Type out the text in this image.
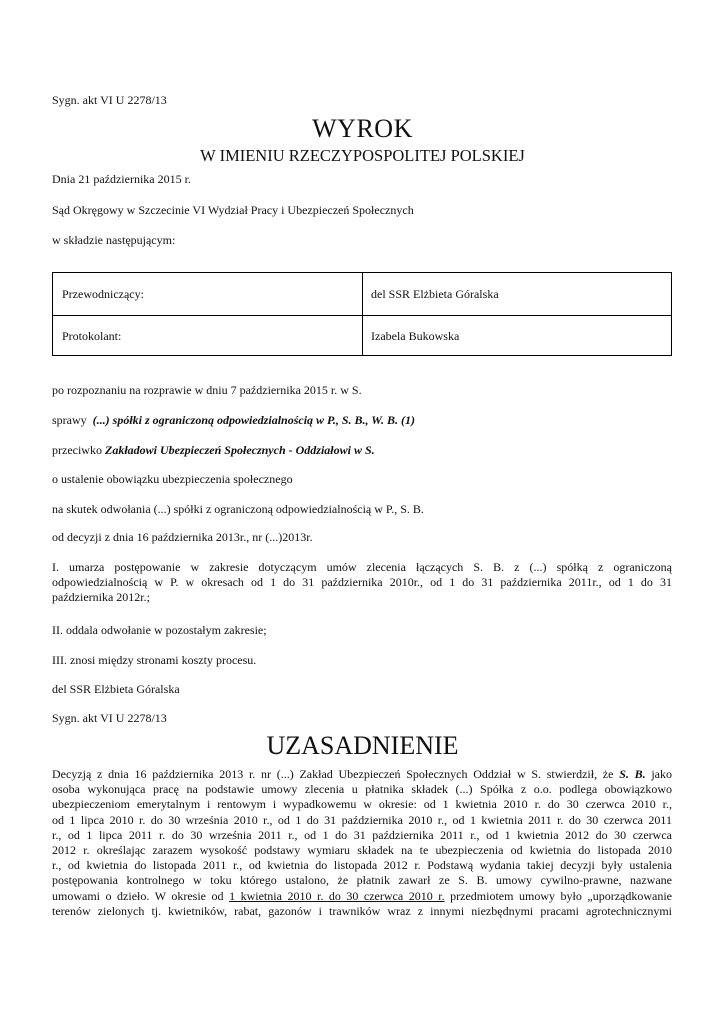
Sygn. akt VI U 2278/13
WYROK
W IMIENIU RZECZYPOSPOLITEJ POLSKIEJ
Dnia 21 października 2015 r.
Sąd Okręgowy w Szczecinie VI Wydział Pracy i Ubezpieczeń Społecznych
w składzie następującym:
Przewodniczący:	del SSR Elżbieta Góralska
Protokolant:	Izabela Bukowska
po rozpoznaniu na rozprawie w dniu 7 października 2015 r. w S.
sprawy (...) spółki z ograniczoną odpowiedzialnością w P., S. B., W. B. (1)
przeciwko Zakładowi Ubezpieczeń Społecznych - Oddziałowi w S.
o ustalenie obowiązku ubezpieczenia społecznego
na skutek odwołania (...) spółki z ograniczoną odpowiedzialnością w P., S. B.
od decyzji z dnia 16 października 2013r., nr (...)2013r.
I. umarza postępowanie w zakresie dotyczącym umów zlecenia łączących S. B. z (...) spółką z ograniczoną
odpowiedzialnością w P. w okresach od 1 do 31 października 2010r., od 1 do 31 października 2011r., od 1 do 31
października 2012r.;
II. oddala odwołanie w pozostałym zakresie;
III. znosi między stronami koszty procesu.
del SSR Elżbieta Góralska
Sygn. akt VI U 2278/13
UZASADNIENIE
Decyzją z dnia 16 października 2013 r. nr (...) Zakład Ubezpieczeń Społecznych Oddział w S. stwierdził, że S. B. jako
osoba wykonująca pracę na podstawie umowy zlecenia u płatnika składek (...) Spółka z o.o. podlega obowiązkowo
ubezpieczeniom emerytalnym i rentowym i wypadkowemu w okresie: od 1 kwietnia 2010 r. do 30 czerwca 2010 r.,
od 1 lipca 2010 r. do 30 września 2010 r., od 1 do 31 października 2010 r., od 1 kwietnia 2011 r. do 30 czerwca 2011
r., od 1 lipca 2011 r. do 30 września 2011 r., od 1 do 31 października 2011 r., od 1 kwietnia 2012 do 30 czerwca
2012 r. określając zarazem wysokość podstawy wymiaru składek na te ubezpieczenia od kwietnia do listopada 2010
r., od kwietnia do listopada 2011 r., od kwietnia do listopada 2012 r. Podstawą wydania takiej decyzji były ustalenia
postępowania kontrolnego w toku którego ustalono, że płatnik zawarł ze S. B. umowy cywilno-prawne, nazwane
umowami o dzieło. W okresie od 1 kwietnia 2010 r. do 30 czerwca 2010 r. przedmiotem umowy było „uporządkowanie
terenów zielonych tj. kwietników, rabat, gazonów i trawników wraz z innymi niezbędnymi pracami agrotechnicznymi
